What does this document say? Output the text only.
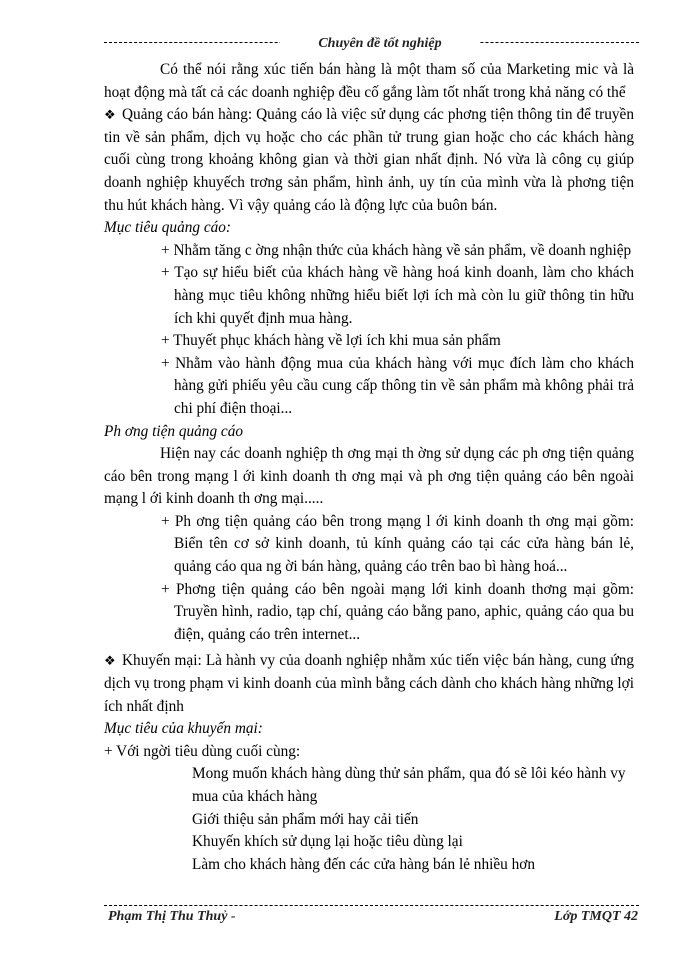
Chuyên đề tốt nghiệp

Có thể nói rằng xúc tiến bán hàng là một tham số của Marketing mic và là hoạt động mà tất cả các doanh nghiệp đều cố gắng làm tốt nhất trong khả năng có thể

❖ Quảng cáo bán hàng: Quảng cáo là việc sử dụng các phơng tiện thông tin để truyền tin về sản phẩm, dịch vụ hoặc cho các phần tử trung gian hoặc cho các khách hàng cuối cùng trong khoảng không gian và thời gian nhất định. Nó vừa là công cụ giúp doanh nghiệp khuyếch trơng sản phẩm, hình ảnh, uy tín của mình vừa là phơng tiện thu hút khách hàng. Vì vậy quảng cáo là động lực của buôn bán.

Mục tiêu quảng cáo:

+ Nhằm tăng c ờng nhận thức của khách hàng về sản phẩm, về doanh nghiệp

+ Tạo sự hiểu biết của khách hàng về hàng hoá kinh doanh, làm cho khách hàng mục tiêu không những hiểu biết lợi ích mà còn lu giữ thông tin hữu ích khi quyết định mua hàng.

+ Thuyết phục khách hàng về lợi ích khi mua sản phẩm

+ Nhằm vào hành động mua của khách hàng với mục đích làm cho khách hàng gửi phiếu yêu cầu cung cấp thông tin về sản phẩm mà không phải trả chi phí điện thoại...

Ph ơng tiện quảng cáo

Hiện nay các doanh nghiệp th ơng mại th ờng sử dụng các ph ơng tiện quảng cáo bên trong mạng l ới kinh doanh th ơng mại và ph ơng tiện quảng cáo bên ngoài mạng l ới kinh doanh th ơng mại.....

+ Ph ơng tiện quảng cáo bên trong mạng l ới kinh doanh th ơng mại gồm: Biển tên cơ sở kinh doanh, tủ kính quảng cáo tại các cửa hàng bán lẻ, quảng cáo qua ng ời bán hàng, quảng cáo trên bao bì hàng hoá...

+ Phơng tiện quảng cáo bên ngoài mạng lới kinh doanh thơng mại gồm: Truyền hình, radio, tạp chí, quảng cáo bằng pano, aphic, quảng cáo qua bu điện, quảng cáo trên internet...

❖ Khuyến mại: Là hành vy của doanh nghiệp nhằm xúc tiến việc bán hàng, cung ứng dịch vụ trong phạm vi kinh doanh của mình bằng cách dành cho khách hàng những lợi ích nhất định

Mục tiêu của khuyến mại:

+ Với ngời tiêu dùng cuối cùng:

Mong muốn khách hàng dùng thử sản phẩm, qua đó sẽ lôi kéo hành vy mua của khách hàng

Giới thiệu sản phẩm mới hay cải tiến

Khuyến khích sử dụng lại hoặc tiêu dùng lại

Làm cho khách hàng đến các cửa hàng bán lẻ nhiều hơn

Phạm Thị Thu Thuỷ -	Lớp TMQT 42
